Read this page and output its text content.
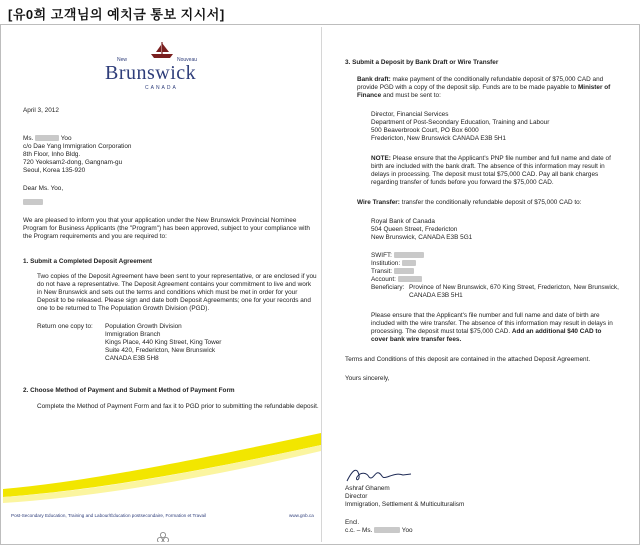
[유0희 고객님의 예치금 통보 지시서]
New	Nouveau
Brunswick
CANADA
April 3, 2012
Ms.	Yoo
c/o Dae Yang Immigration Corporation
8th Floor, Inho Bldg.
720 Yeoksam2-dong, Gangnam-gu
Seoul, Korea 135-920
Dear Ms. Yoo,
We are pleased to inform you that your application under the New Brunswick Provincial Nominee
Program for Business Applicants (the "Program") has been approved, subject to your compliance with
the Program requirements and you are required to:
1. Submit a Completed Deposit Agreement
Two copies of the Deposit Agreement have been sent to your representative, or are enclosed if you
do not have a representative. The Deposit Agreement contains your commitment to live and work
in New Brunswick and sets out the terms and conditions which must be met in order for your
Deposit to be released. Please sign and date both Deposit Agreements; one for your records and
one to be returned to The Population Growth Division (PGD).
Return one copy to: Population Growth Division
Immigration Branch
Kings Place, 440 King Street, King Tower
Suite 420, Fredericton, New Brunswick
CANADA E3B 5H8
2. Choose Method of Payment and Submit a Method of Payment Form
Complete the Method of Payment Form and fax it to PGD prior to submitting the refundable deposit.
Post-Secondary Education, Training and Labour/Éducation postsecondaire, Formation et Travail	www.gnb.ca
3. Submit a Deposit by Bank Draft or Wire Transfer
Bank draft: make payment of the conditionally refundable deposit of $75,000 CAD and
provide PGD with a copy of the deposit slip. Funds are to be made payable to Minister of
Finance and must be sent to:
Director, Financial Services
Department of Post-Secondary Education, Training and Labour
500 Beaverbrook Court, PO Box 6000
Fredericton, New Brunswick CANADA E3B 5H1
NOTE: Please ensure that the Applicant's PNP file number and full name and date of
birth are included with the bank draft. The absence of this information may result in
delays in processing. The deposit must total $75,000 CAD. Pay all bank charges
regarding transfer of funds before you forward the $75,000 CAD.
Wire Transfer: transfer the conditionally refundable deposit of $75,000 CAD to:
Royal Bank of Canada
504 Queen Street, Fredericton
New Brunswick, CANADA E3B 5G1
SWIFT:
Institution:
Transit:
Account:
Beneficiary: Province of New Brunswick, 670 King Street, Fredericton, New Brunswick,
CANADA E3B 5H1
Please ensure that the Applicant's file number and full name and date of birth are
included with the wire transfer. The absence of this information may result in delays in
processing. The deposit must total $75,000 CAD. Add an additional $40 CAD to
cover bank wire transfer fees.
Terms and Conditions of this deposit are contained in the attached Deposit Agreement.
Yours sincerely,
Ashraf Ghanem
Director
Immigration, Settlement & Multiculturalism
Encl.
c.c. – Ms.	Yoo
